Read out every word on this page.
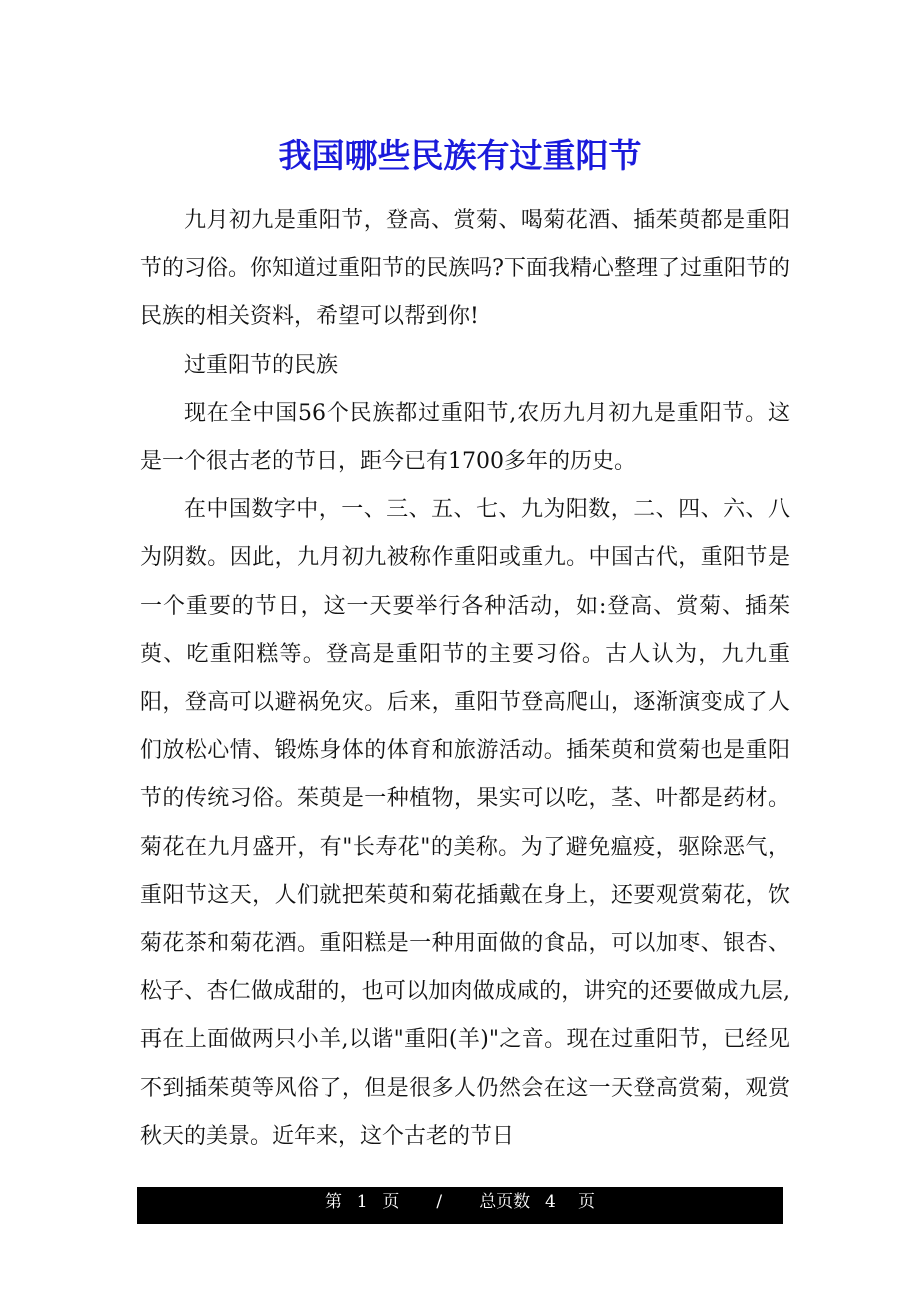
我国哪些民族有过重阳节

九月初九是重阳节，登高、赏菊、喝菊花酒、插茱萸都是重阳节的习俗。你知道过重阳节的民族吗?下面我精心整理了过重阳节的民族的相关资料，希望可以帮到你!

过重阳节的民族

现在全中国56个民族都过重阳节,农历九月初九是重阳节。这是一个很古老的节日，距今已有1700多年的历史。

在中国数字中，一、三、五、七、九为阳数，二、四、六、八为阴数。因此，九月初九被称作重阳或重九。中国古代，重阳节是一个重要的节日，这一天要举行各种活动，如:登高、赏菊、插茱萸、吃重阳糕等。登高是重阳节的主要习俗。古人认为，九九重阳，登高可以避祸免灾。后来，重阳节登高爬山，逐渐演变成了人们放松心情、锻炼身体的体育和旅游活动。插茱萸和赏菊也是重阳节的传统习俗。茱萸是一种植物，果实可以吃，茎、叶都是药材。菊花在九月盛开，有"长寿花"的美称。为了避免瘟疫，驱除恶气，重阳节这天，人们就把茱萸和菊花插戴在身上，还要观赏菊花，饮菊花茶和菊花酒。重阳糕是一种用面做的食品，可以加枣、银杏、松子、杏仁做成甜的，也可以加肉做成咸的，讲究的还要做成九层,再在上面做两只小羊,以谐"重阳(羊)"之音。现在过重阳节，已经见不到插茱萸等风俗了，但是很多人仍然会在这一天登高赏菊，观赏秋天的美景。近年来，这个古老的节日

第 1 页 / 总页数 4 页
